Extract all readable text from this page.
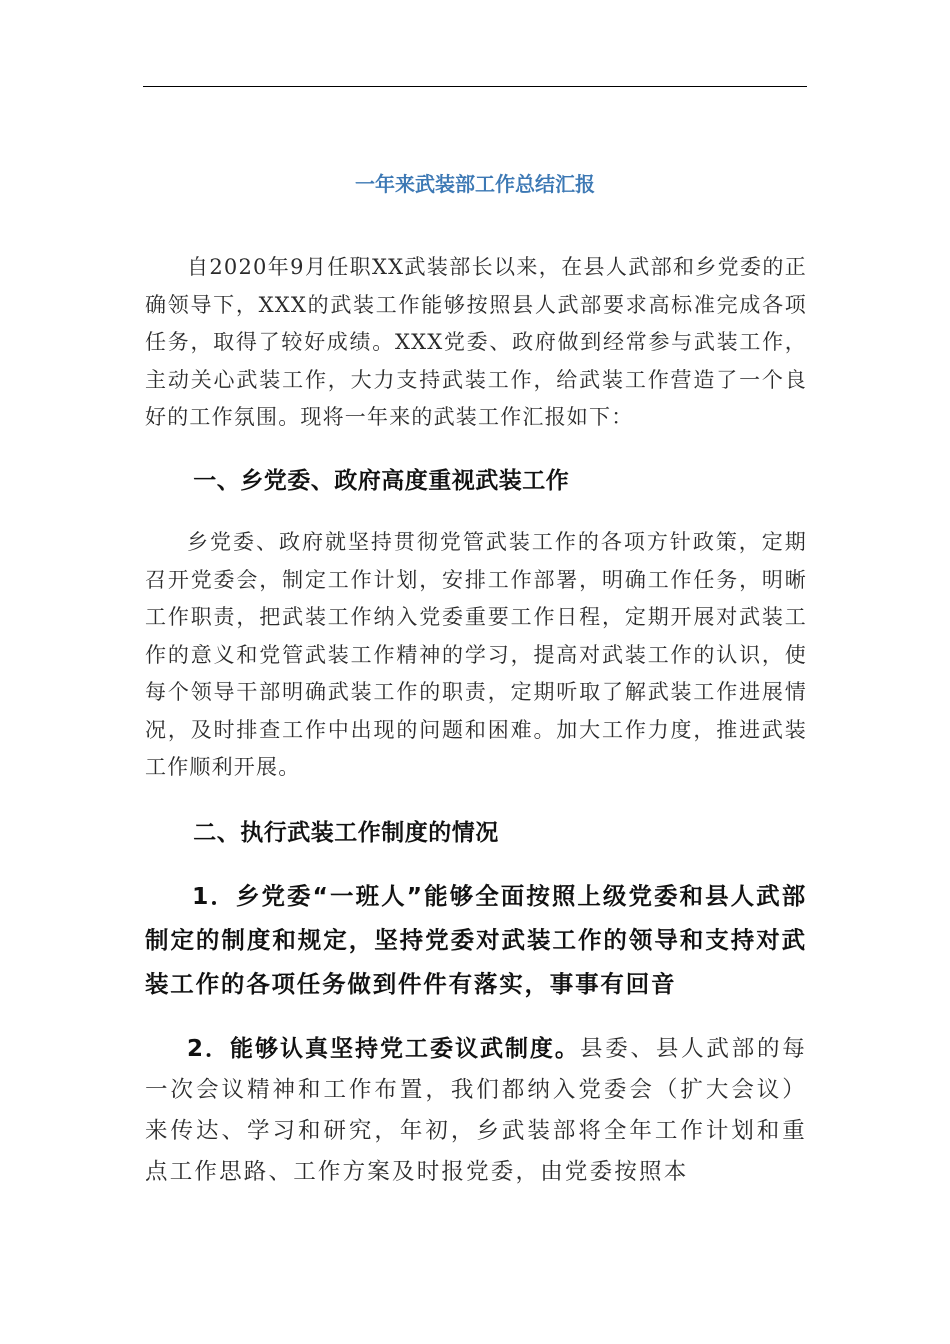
一年来武装部工作总结汇报

自2020年9月任职XX武装部长以来，在县人武部和乡党委的正确领导下，XXX的武装工作能够按照县人武部要求高标准完成各项任务，取得了较好成绩。XXX党委、政府做到经常参与武装工作，主动关心武装工作，大力支持武装工作，给武装工作营造了一个良好的工作氛围。现将一年来的武装工作汇报如下：

一、乡党委、政府高度重视武装工作

乡党委、政府就坚持贯彻党管武装工作的各项方针政策，定期召开党委会，制定工作计划，安排工作部署，明确工作任务，明晰工作职责，把武装工作纳入党委重要工作日程，定期开展对武装工作的意义和党管武装工作精神的学习，提高对武装工作的认识，使每个领导干部明确武装工作的职责，定期听取了解武装工作进展情况，及时排查工作中出现的问题和困难。加大工作力度，推进武装工作顺利开展。

二、执行武装工作制度的情况

1．乡党委“一班人”能够全面按照上级党委和县人武部制定的制度和规定，坚持党委对武装工作的领导和支持对武装工作的各项任务做到件件有落实，事事有回音

2．能够认真坚持党工委议武制度。县委、县人武部的每一次会议精神和工作布置，我们都纳入党委会（扩大会议）来传达、学习和研究，年初，乡武装部将全年工作计划和重点工作思路、工作方案及时报党委，由党委按照本
